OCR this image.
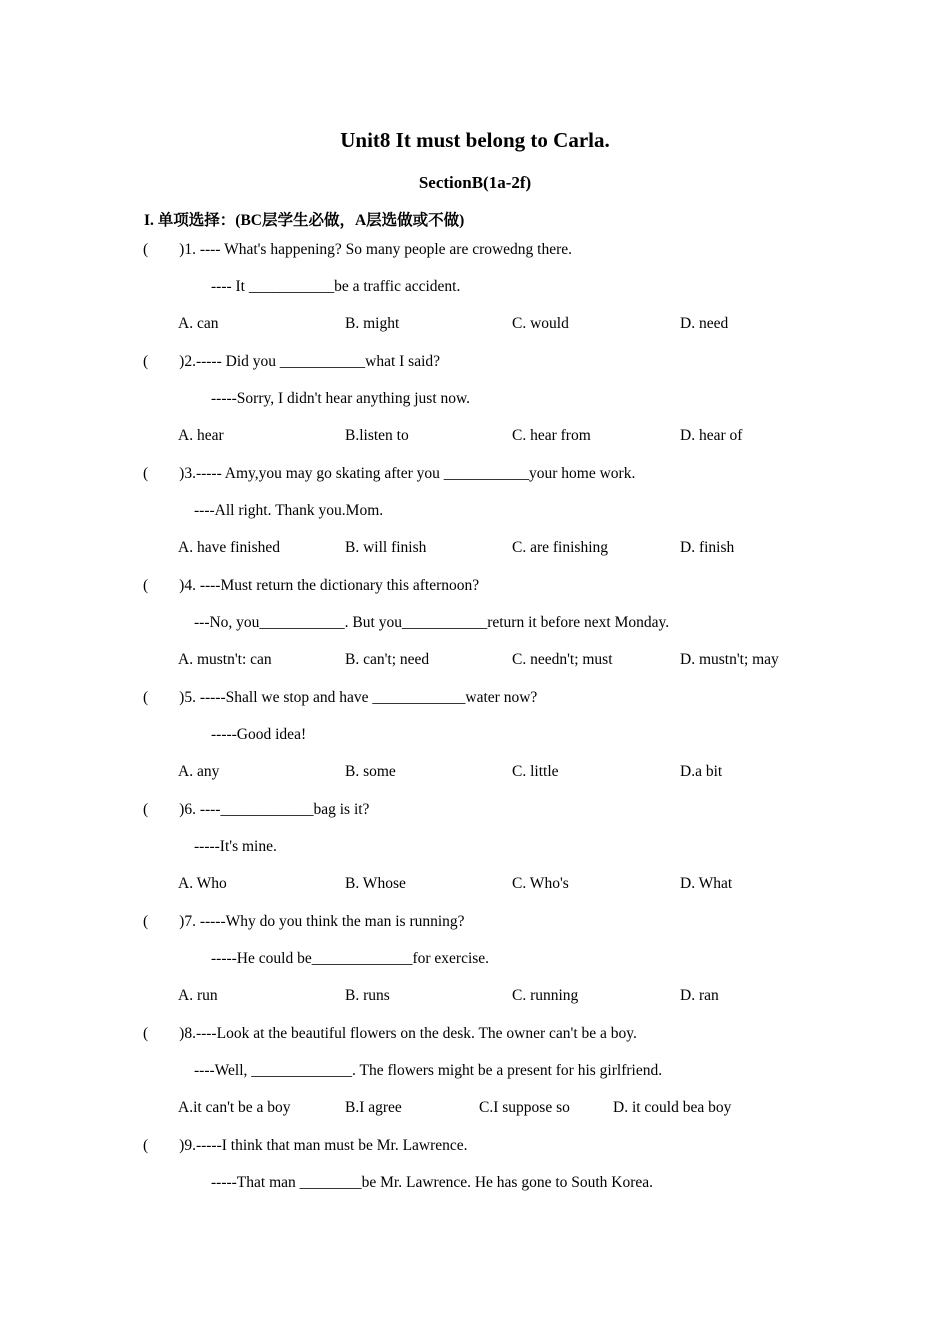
Unit8 It must belong to Carla.
SectionB(1a-2f)
I. 单项选择：(BC层学生必做，A层选做或不做)
(        )1. ---- What's happening? So many people are crowedng there.
---- It ___________be a traffic accident.
A. can	B. might	C. would	D. need
(        )2.----- Did you ___________what I said?
-----Sorry, I didn't hear anything just now.
A. hear	B.listen to	C. hear from	D. hear of
(        )3.----- Amy,you may go skating after you ___________your home work.
----All right. Thank you.Mom.
A. have finished	B. will finish	C. are finishing	D. finish
(        )4. ----Must return the dictionary this afternoon?
---No, you___________. But you___________return it before next Monday.
A. mustn't: can	B. can't; need	C. needn't; must	D. mustn't; may
(        )5. -----Shall we stop and have ____________water now?
-----Good idea!
A. any	B. some	C. little	D.a bit
(        )6. ----____________bag is it?
-----It's mine.
A. Who	B. Whose	C. Who's	D. What
(        )7. -----Why do you think the man is running?
-----He could be_____________for exercise.
A. run	B. runs	C. running	D. ran
(        )8.----Look at the beautiful flowers on the desk. The owner can't be a boy.
----Well, _____________. The flowers might be a present for his girlfriend.
A.it can't be a boy	B.I agree	C.I suppose so	D. it could bea boy
(        )9.-----I think that man must be Mr. Lawrence.
-----That man ________be Mr. Lawrence. He has gone to South Korea.
